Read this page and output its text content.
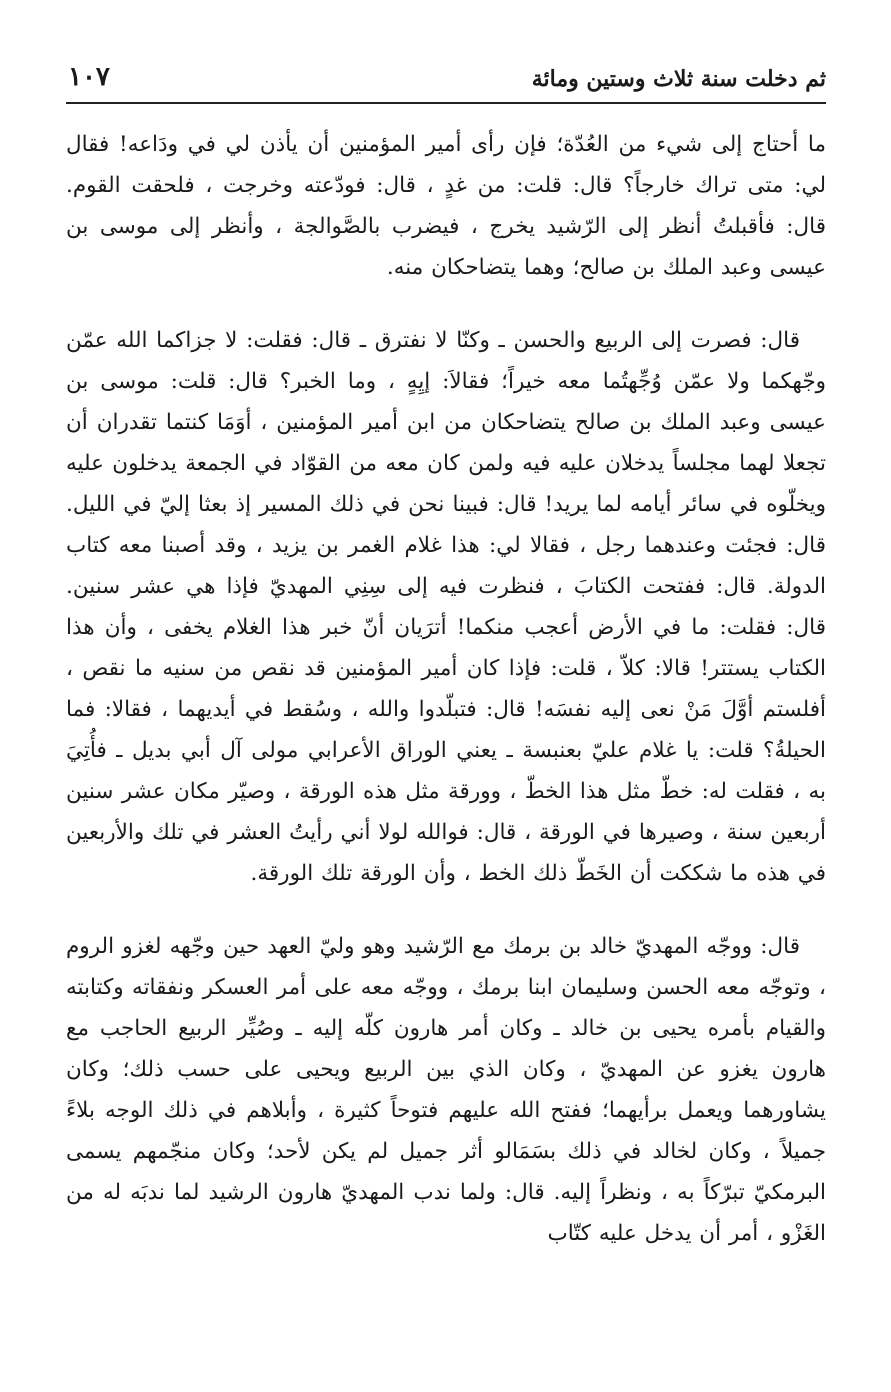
ثم دخلت سنة ثلاث وستين ومائة
١٠٧

ما أحتاج إلى شيء من العُدّة؛ فإن رأى أمير المؤمنين أن يأذن لي في ودَاعه! فقال لي: متى تراك خارجاً؟ قال: قلت: من غدٍ ، قال: فودّعته وخرجت ، فلحقت القوم. قال: فأقبلتُ أنظر إلى الرّشيد يخرج ، فيضرب بالصَّوالجة ، وأنظر إلى موسى بن عيسى وعبد الملك بن صالح؛ وهما يتضاحكان منه.

قال: فصرت إلى الربيع والحسن ـ وكنّا لا نفترق ـ قال: فقلت: لا جزاكما الله عمّن وجّهكما ولا عمّن وُجِّهتُما معه خيراً؛ فقالاَ: إيِهٍ ، وما الخبر؟ قال: قلت: موسى بن عيسى وعبد الملك بن صالح يتضاحكان من ابن أمير المؤمنين ، أوَمَا كنتما تقدران أن تجعلا لهما مجلساً يدخلان عليه فيه ولمن كان معه من القوّاد في الجمعة يدخلون عليه ويخلّوه في سائر أيامه لما يريد! قال: فبينا نحن في ذلك المسير إذ بعثا إليّ في الليل. قال: فجئت وعندهما رجل ، فقالا لي: هذا غلام الغمر بن يزيد ، وقد أصبنا معه كتاب الدولة. قال: ففتحت الكتابَ ، فنظرت فيه إلى سِنِي المهديّ فإذا هي عشر سنين. قال: فقلت: ما في الأرض أعجب منكما! أترَيان أنّ خبر هذا الغلام يخفى ، وأن هذا الكتاب يستتر! قالا: كلاّ ، قلت: فإذا كان أمير المؤمنين قد نقص من سنيه ما نقص ، أفلستم أوَّلَ مَنْ نعى إليه نفسَه! قال: فتبلّدوا والله ، وسُقط في أيديهما ، فقالا: فما الحيلةُ؟ قلت: يا غلام عليّ بعنبسة ـ يعني الوراق الأعرابي مولى آل أبي بديل ـ فأُتِيَ به ، فقلت له: خطّ مثل هذا الخطّ ، وورقة مثل هذه الورقة ، وصيّر مكان عشر سنين أربعين سنة ، وصيرها في الورقة ، قال: فوالله لولا أني رأيتُ العشر في تلك والأربعين في هذه ما شككت أن الخَطّ ذلك الخط ، وأن الورقة تلك الورقة.

قال: ووجّه المهديّ خالد بن برمك مع الرّشيد وهو وليّ العهد حين وجّهه لغزو الروم ، وتوجّه معه الحسن وسليمان ابنا برمك ، ووجّه معه على أمر العسكر ونفقاته وكتابته والقيام بأمره يحيى بن خالد ـ وكان أمر هارون كلّه إليه ـ وصُيِّر الربيع الحاجب مع هارون يغزو عن المهديّ ، وكان الذي بين الربيع ويحيى على حسب ذلك؛ وكان يشاورهما ويعمل برأيهما؛ ففتح الله عليهم فتوحاً كثيرة ، وأبلاهم في ذلك الوجه بلاءً جميلاً ، وكان لخالد في ذلك بسَمَالو أثر جميل لم يكن لأحد؛ وكان منجّمهم يسمى البرمكيّ تبرّكاً به ، ونظراً إليه. قال: ولما ندب المهديّ هارون الرشيد لما ندبَه له من الغَزْو ، أمر أن يدخل عليه كتّاب
